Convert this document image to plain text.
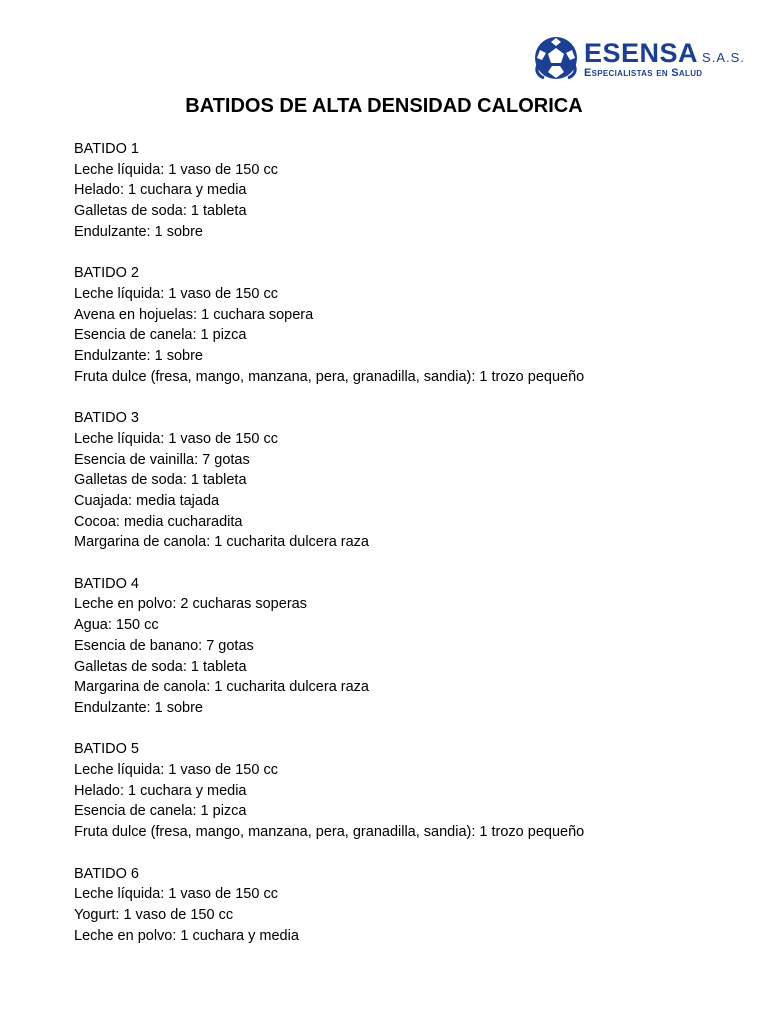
ESENSA S.A.S.
Especialistas en Salud
BATIDOS DE ALTA DENSIDAD CALORICA
BATIDO 1
Leche líquida: 1 vaso de 150 cc
Helado: 1 cuchara y media
Galletas de soda: 1 tableta
Endulzante: 1 sobre
BATIDO 2
Leche líquida: 1 vaso de 150 cc
Avena en hojuelas: 1 cuchara sopera
Esencia de canela: 1 pizca
Endulzante: 1 sobre
Fruta dulce (fresa, mango, manzana, pera, granadilla, sandia): 1 trozo pequeño
BATIDO 3
Leche líquida: 1 vaso de 150 cc
Esencia de vainilla: 7 gotas
Galletas de soda: 1 tableta
Cuajada: media tajada
Cocoa: media cucharadita
Margarina de canola: 1 cucharita dulcera raza
BATIDO 4
Leche en polvo: 2 cucharas soperas
Agua: 150 cc
Esencia de banano: 7 gotas
Galletas de soda: 1 tableta
Margarina de canola: 1 cucharita dulcera raza
Endulzante: 1 sobre
BATIDO 5
Leche líquida: 1 vaso de 150 cc
Helado: 1 cuchara y media
Esencia de canela: 1 pizca
Fruta dulce (fresa, mango, manzana, pera, granadilla, sandia): 1 trozo pequeño
BATIDO 6
Leche líquida: 1 vaso de 150 cc
Yogurt: 1 vaso de 150 cc
Leche en polvo: 1 cuchara y media
